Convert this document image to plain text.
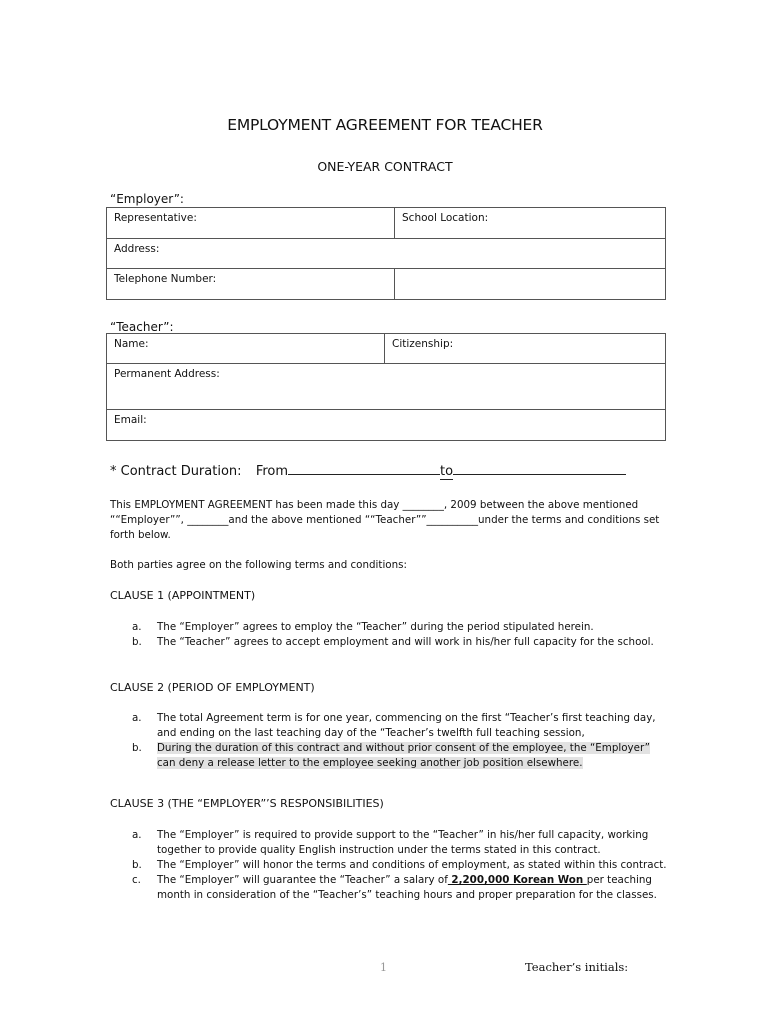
EMPLOYMENT AGREEMENT FOR TEACHER
ONE-YEAR CONTRACT
“Employer”:
Representative:	School Location:
Address:	
Telephone Number:	
“Teacher”:
Name:	Citizenship:
Permanent Address:
Email:
* Contract Duration: From	to
This EMPLOYMENT AGREEMENT has been made this day ________, 2009 between the above mentioned ““Employer””, ________and the above mentioned ““Teacher””__________under the terms and conditions set forth below.
Both parties agree on the following terms and conditions:
CLAUSE 1 (APPOINTMENT)
a. The “Employer” agrees to employ the “Teacher” during the period stipulated herein.
b. The “Teacher” agrees to accept employment and will work in his/her full capacity for the school.
CLAUSE 2 (PERIOD OF EMPLOYMENT)
a. The total Agreement term is for one year, commencing on the first “Teacher’s first teaching day, and ending on the last teaching day of the “Teacher’s twelfth full teaching session,
b. During the duration of this contract and without prior consent of the employee, the “Employer” can deny a release letter to the employee seeking another job position elsewhere.
CLAUSE 3 (THE “EMPLOYER”’S RESPONSIBILITIES)
a. The “Employer” is required to provide support to the “Teacher” in his/her full capacity, working together to provide quality English instruction under the terms stated in this contract.
b. The “Employer” will honor the terms and conditions of employment, as stated within this contract.
c. The “Employer” will guarantee the “Teacher” a salary of 2,200,000 Korean Won per teaching month in consideration of the “Teacher’s” teaching hours and proper preparation for the classes.
1	Teacher’s initials:
